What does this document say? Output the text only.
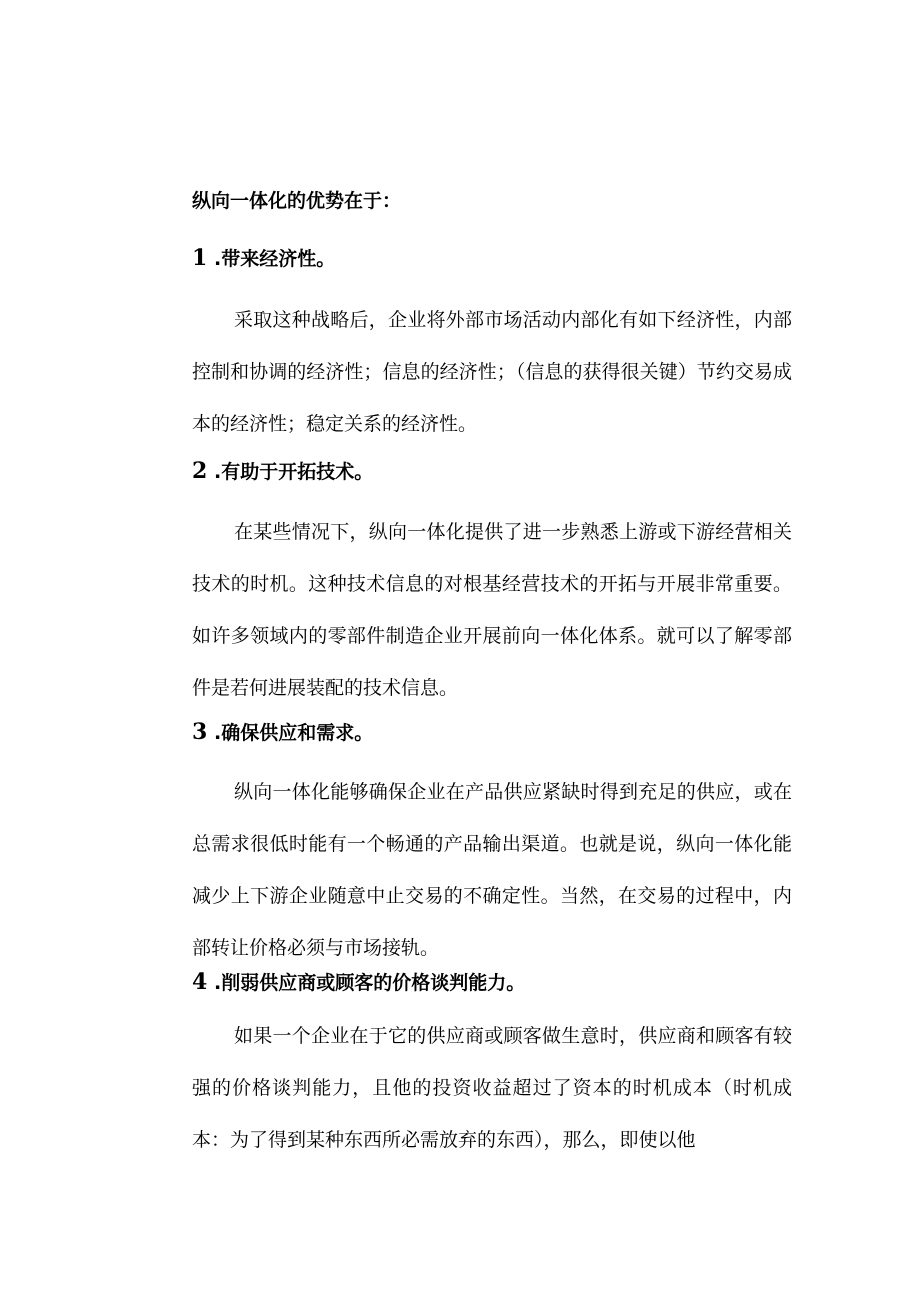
纵向一体化的优势在于：
1 .带来经济性。

采取这种战略后，企业将外部市场活动内部化有如下经济性，内部控制和协调的经济性；信息的经济性；（信息的获得很关键）节约交易成本的经济性；稳定关系的经济性。

2 .有助于开拓技术。

在某些情况下，纵向一体化提供了进一步熟悉上游或下游经营相关技术的时机。这种技术信息的对根基经营技术的开拓与开展非常重要。如许多领域内的零部件制造企业开展前向一体化体系。就可以了解零部件是若何进展装配的技术信息。

3 .确保供应和需求。

纵向一体化能够确保企业在产品供应紧缺时得到充足的供应，或在总需求很低时能有一个畅通的产品输出渠道。也就是说，纵向一体化能减少上下游企业随意中止交易的不确定性。当然，在交易的过程中，内部转让价格必须与市场接轨。

4 .削弱供应商或顾客的价格谈判能力。

如果一个企业在于它的供应商或顾客做生意时，供应商和顾客有较强的价格谈判能力，且他的投资收益超过了资本的时机成本（时机成本：为了得到某种东西所必需放弃的东西），那么，即使以他
